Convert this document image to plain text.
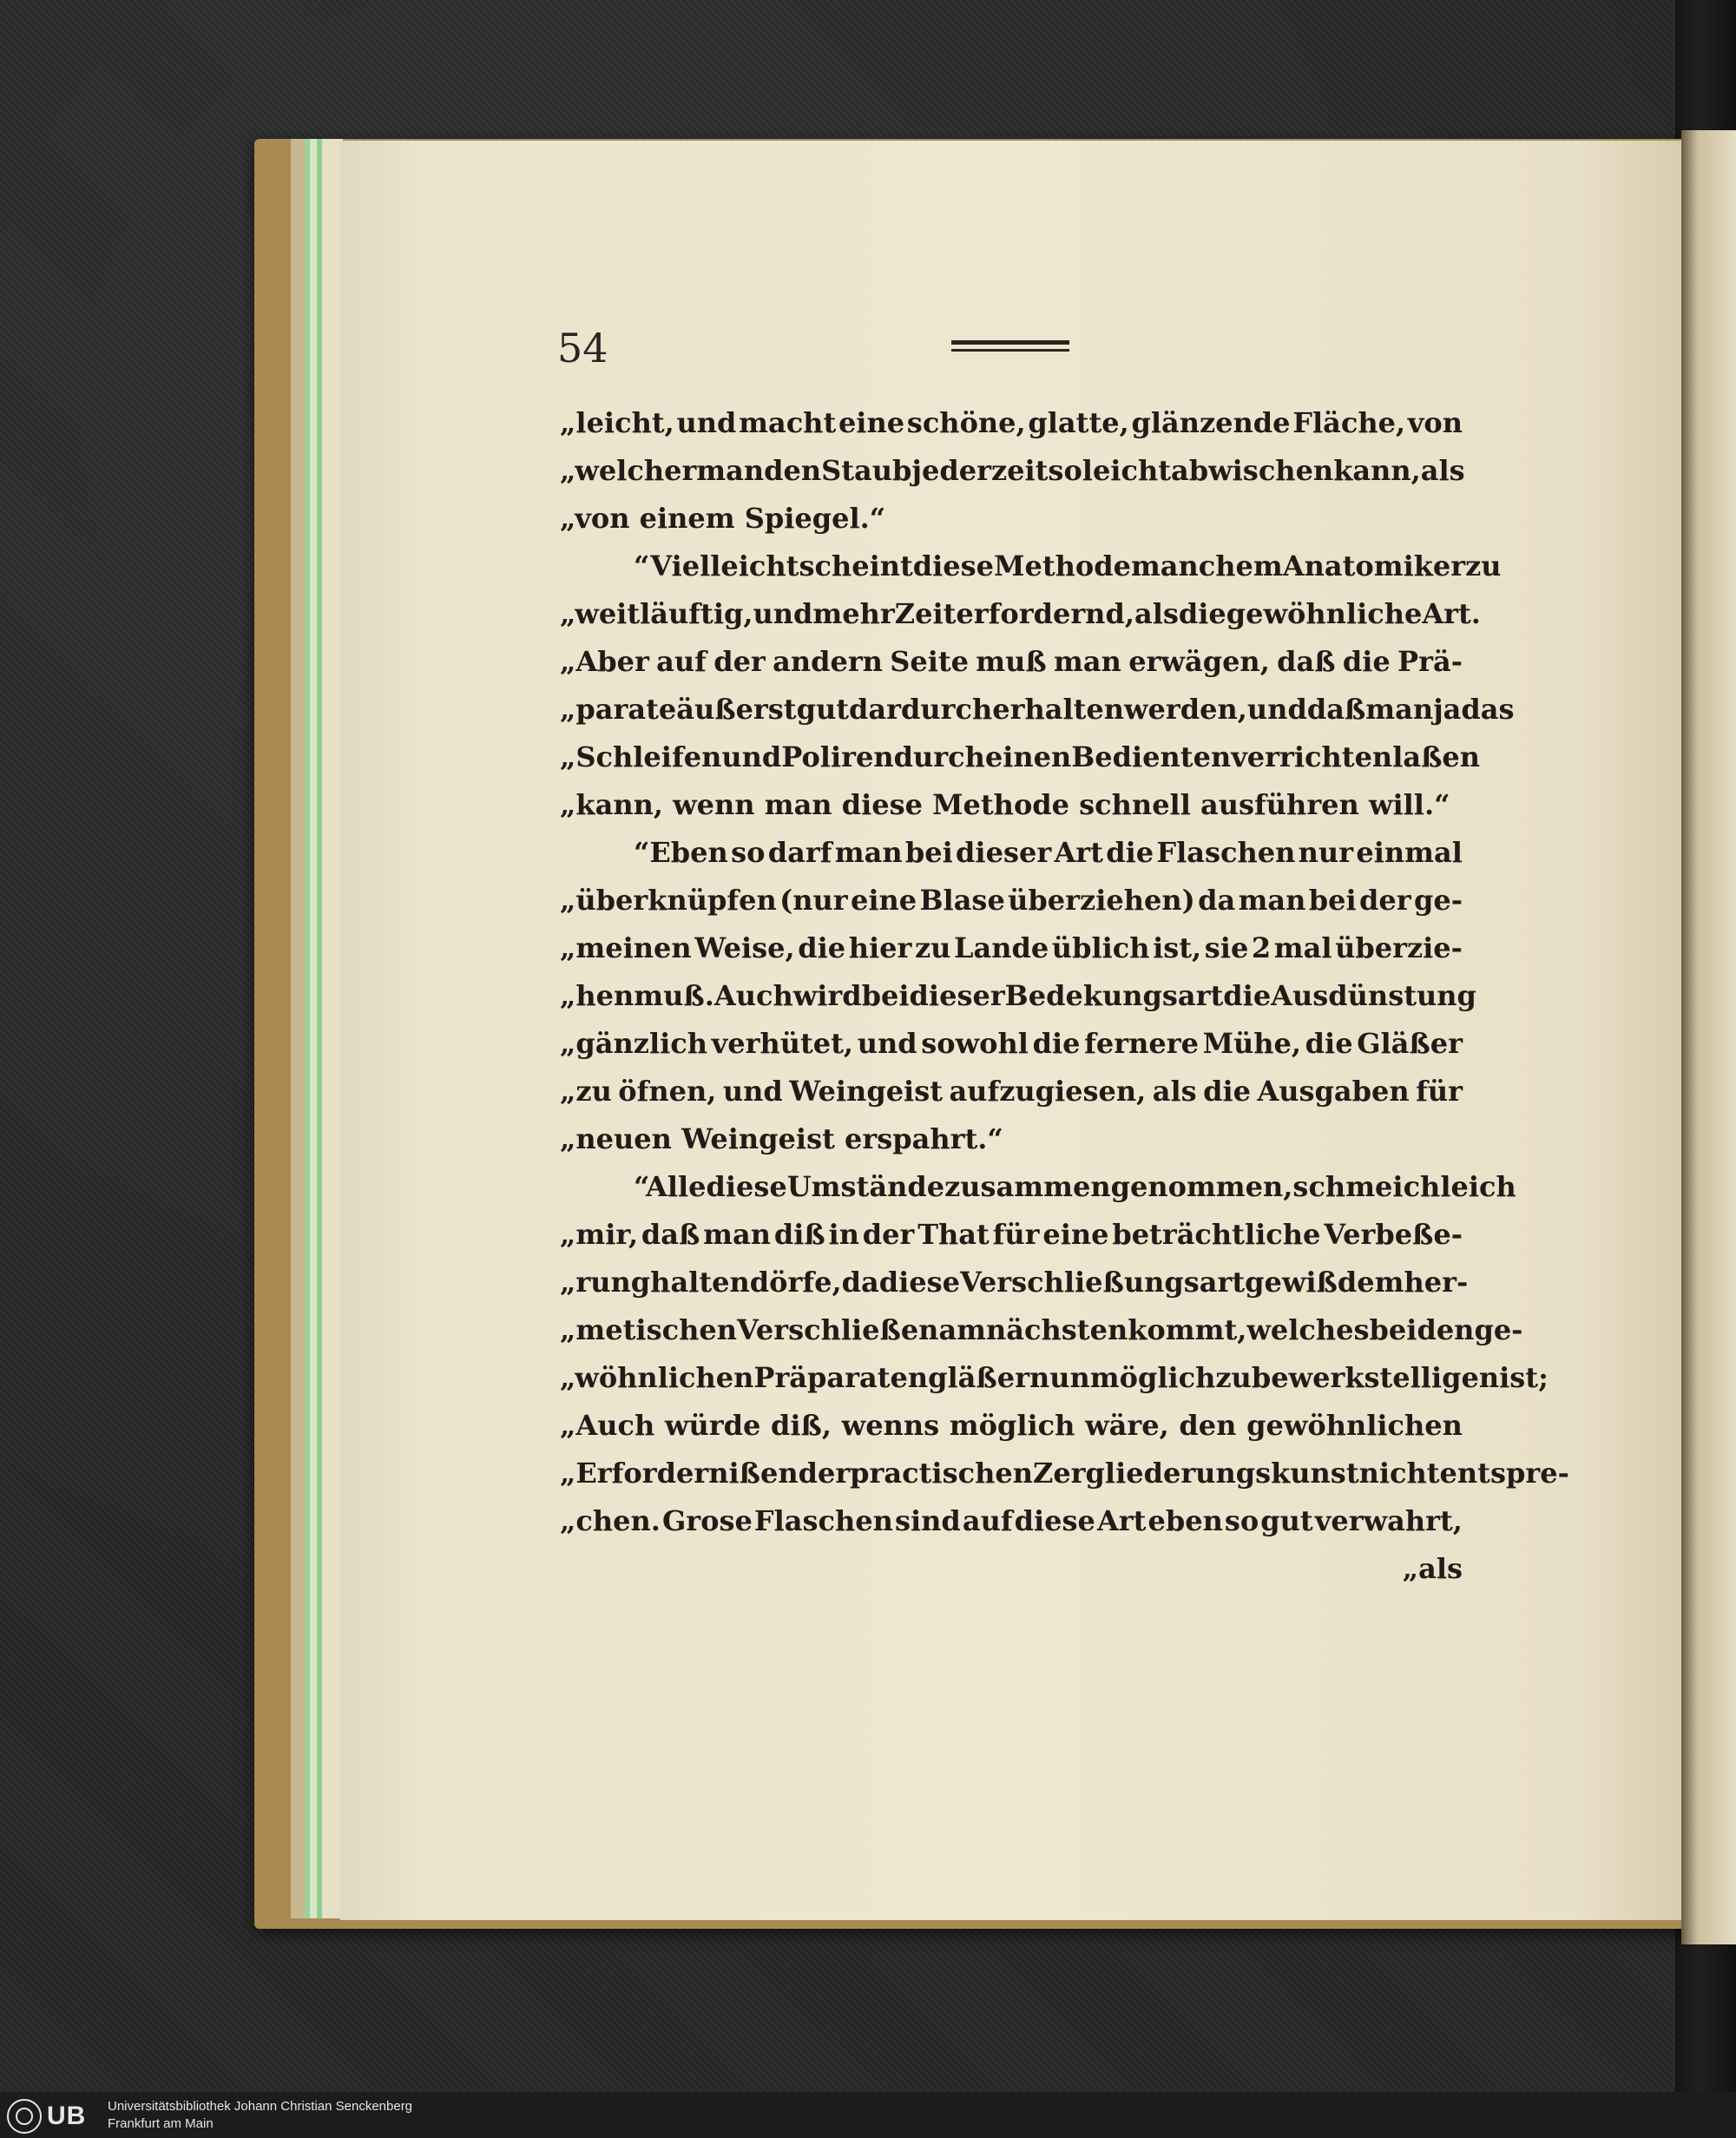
54
„leicht, und macht eine schöne, glatte, glänzende Fläche, von
„welcher man den Staub jederzeit so leicht abwischen kann, als
„von einem Spiegel.“
“Vielleicht scheint diese Methode manchem Anatomiker zu
„weitläuftig, und mehr Zeit erfordernd, als die gewöhnliche Art.
„Aber auf der andern Seite muß man erwägen, daß die Prä-
„parate äußerst gut dardurch erhalten werden, und daß man ja das
„Schleifen und Poliren durch einen Bedienten verrichten laßen
„kann, wenn man diese Methode schnell ausführen will.“
“Eben so darf man bei dieser Art die Flaschen nur einmal
„überknüpfen (nur eine Blase überziehen) da man bei der ge-
„meinen Weise, die hier zu Lande üblich ist, sie 2 mal überzie-
„hen muß. Auch wird bei dieser Bedekungsart die Ausdünstung
„gänzlich verhütet, und sowohl die fernere Mühe, die Gläßer
„zu öfnen, und Weingeist aufzugiesen, als die Ausgaben für
„neuen Weingeist erspahrt.“
“Alle diese Umstände zusammengenommen, schmeichle ich
„mir, daß man diß in der That für eine beträchtliche Verbeße-
„rung halten dörfe, da diese Verschließungsart gewiß dem her-
„metischen Verschließen am nächsten kommt, welches bei den ge-
„wöhnlichen Präparatengläßern unmöglich zu bewerkstelligen ist;
„Auch würde diß, wenns möglich wäre, den gewöhnlichen
„Erfordernißen der practischen Zergliederungskunst nicht entspre-
„chen. Grose Flaschen sind auf diese Art eben so gut verwahrt,
„als
UB Universitätsbibliothek Johann Christian Senckenberg
Frankfurt am Main
